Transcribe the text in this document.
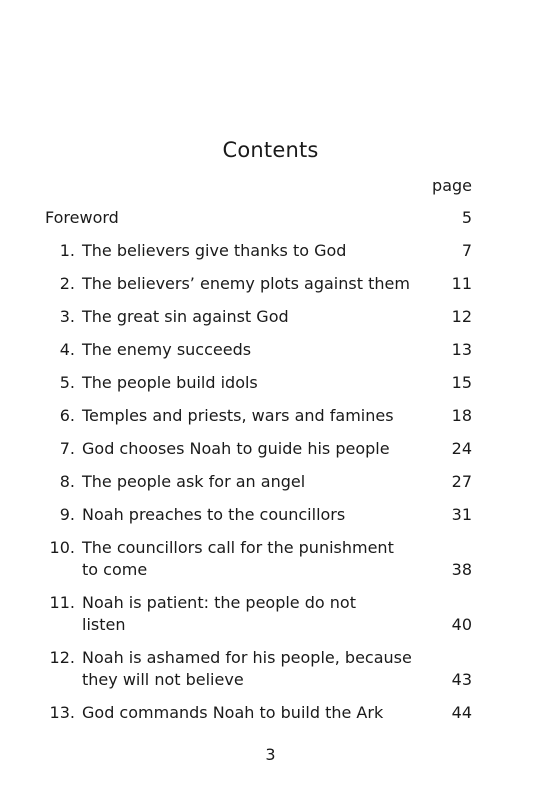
Contents
page
Foreword	5
1. The believers give thanks to God	7
2. The believers’ enemy plots against them	11
3. The great sin against God	12
4. The enemy succeeds	13
5. The people build idols	15
6. Temples and priests, wars and famines	18
7. God chooses Noah to guide his people	24
8. The people ask for an angel	27
9. Noah preaches to the councillors	31
10. The councillors call for the punishment
to come	38
11. Noah is patient: the people do not
listen	40
12. Noah is ashamed for his people, because
they will not believe	43
13. God commands Noah to build the Ark	44
3
